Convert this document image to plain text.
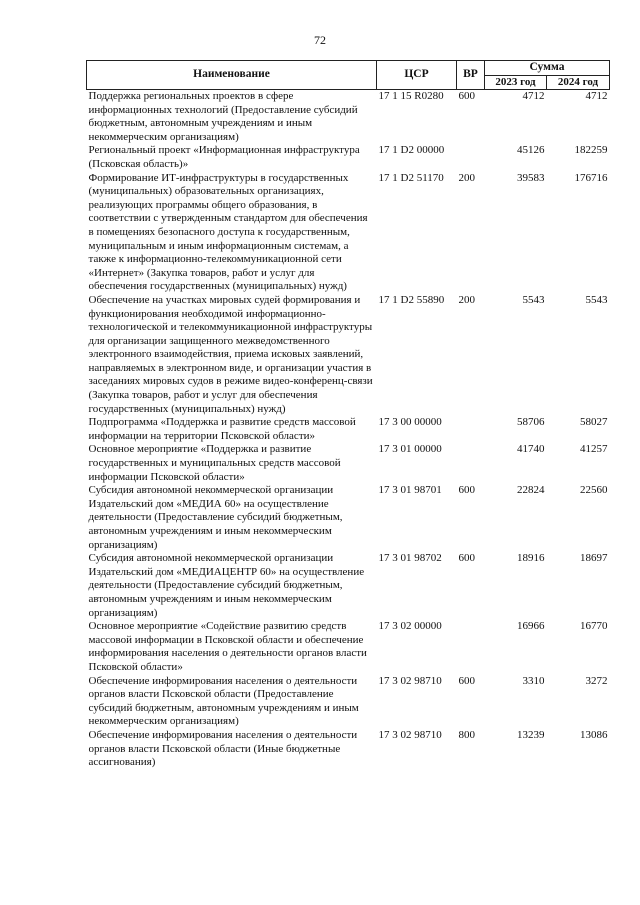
72
Наименование	ЦСР	ВР	Сумма	
			2023 год	2024 год
Поддержка региональных проектов в сфере информационных технологий (Предоставление субсидий бюджетным, автономным учреждениям и иным некоммерческим организациям)	17 1 15 R0280	600	4712	4712
Региональный проект «Информационная инфраструктура (Псковская область)»	17 1 D2 00000		45126	182259
Формирование ИТ-инфраструктуры в государственных (муниципальных) образовательных организациях, реализующих программы общего образования, в соответствии с утвержденным стандартом для обеспечения в помещениях безопасного доступа к государственным, муниципальным и иным информационным системам, а также к информационно-телекоммуникационной сети «Интернет» (Закупка товаров, работ и услуг для обеспечения государственных (муниципальных) нужд)	17 1 D2 51170	200	39583	176716
Обеспечение на участках мировых судей формирования и функционирования необходимой информационно-технологической и телекоммуникационной инфраструктуры для организации защищенного межведомственного электронного взаимодействия, приема исковых заявлений, направляемых в электронном виде, и организации участия в заседаниях мировых судов в режиме видео-конференц-связи (Закупка товаров, работ и услуг для обеспечения государственных (муниципальных) нужд)	17 1 D2 55890	200	5543	5543
Подпрограмма «Поддержка и развитие средств массовой информации на территории Псковской области»	17 3 00 00000		58706	58027
Основное мероприятие «Поддержка и развитие государственных и муниципальных средств массовой информации Псковской области»	17 3 01 00000		41740	41257
Субсидия автономной некоммерческой организации Издательский дом «МЕДИА 60» на осуществление деятельности (Предоставление субсидий бюджетным, автономным учреждениям и иным некоммерческим организациям)	17 3 01 98701	600	22824	22560
Субсидия автономной некоммерческой организации Издательский дом «МЕДИАЦЕНТР 60» на осуществление деятельности (Предоставление субсидий бюджетным, автономным учреждениям и иным некоммерческим организациям)	17 3 01 98702	600	18916	18697
Основное мероприятие «Содействие развитию средств массовой информации в Псковской области и обеспечение информирования населения о деятельности органов власти Псковской области»	17 3 02 00000		16966	16770
Обеспечение информирования населения о деятельности органов власти Псковской области (Предоставление субсидий бюджетным, автономным учреждениям и иным некоммерческим организациям)	17 3 02 98710	600	3310	3272
Обеспечение информирования населения о деятельности органов власти Псковской области (Иные бюджетные ассигнования)	17 3 02 98710	800	13239	13086
